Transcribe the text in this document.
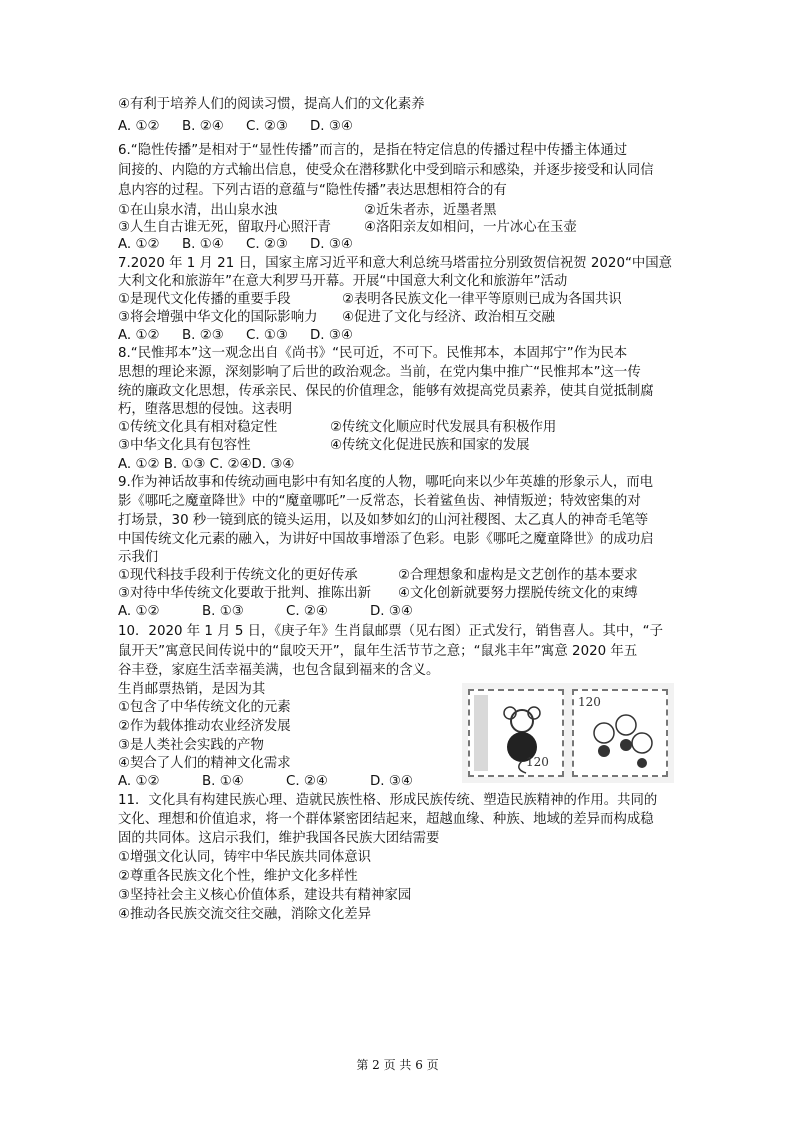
④有利于培养人们的阅读习惯，提高人们的文化素养
A. ①② B. ②④ C. ②③ D. ③④
6.“隐性传播”是相对于“显性传播”而言的，是指在特定信息的传播过程中传播主体通过
间接的、内隐的方式输出信息，使受众在潜移默化中受到暗示和感染，并逐步接受和认同信
息内容的过程。下列古语的意蕴与“隐性传播”表达思想相符合的有
①在山泉水清，出山泉水浊	②近朱者赤，近墨者黑
③人生自古谁无死，留取丹心照汗青 ④洛阳亲友如相问，一片冰心在玉壶
A. ①② B. ①④ C. ②③ D. ③④
7.2020 年 1 月 21 日，国家主席习近平和意大利总统马塔雷拉分别致贺信祝贺 2020“中国意
大利文化和旅游年”在意大利罗马开幕。开展“中国意大利文化和旅游年”活动
①是现代文化传播的重要手段	②表明各民族文化一律平等原则已成为各国共识
③将会增强中华文化的国际影响力 ④促进了文化与经济、政治相互交融
A. ①② B. ②③ C. ①③ D. ③④
8.“民惟邦本”这一观念出自《尚书》“民可近，不可下。民惟邦本，本固邦宁”作为民本
思想的理论来源，深刻影响了后世的政治观念。当前，在党内集中推广“民惟邦本”这一传
统的廉政文化思想，传承亲民、保民的价值理念，能够有效提高党员素养，使其自觉抵制腐
朽，堕落思想的侵蚀。这表明
①传统文化具有相对稳定性	②传统文化顺应时代发展具有积极作用
③中华文化具有包容性	④传统文化促进民族和国家的发展
A. ①② B. ①③ C. ②④D. ③④
9.作为神话故事和传统动画电影中有知名度的人物，哪吒向来以少年英雄的形象示人，而电
影《哪吒之魔童降世》中的“魔童哪吒”一反常态，长着鲨鱼齿、神情叛逆；特效密集的对
打场景，30 秒一镜到底的镜头运用，以及如梦如幻的山河社稷图、太乙真人的神奇毛笔等
中国传统文化元素的融入，为讲好中国故事增添了色彩。电影《哪吒之魔童降世》的成功启
示我们
①现代科技手段利于传统文化的更好传承	②合理想象和虚构是文艺创作的基本要求
③对待中华传统文化要敢于批判、推陈出新 ④文化创新就要努力摆脱传统文化的束缚
A. ①②	B. ①③	C. ②④	D. ③④
10．2020 年 1 月 5 日，《庚子年》生肖鼠邮票（见右图）正式发行，销售喜人。其中，“子
鼠开天”寓意民间传说中的“鼠咬天开”，鼠年生活节节之意；“鼠兆丰年”寓意 2020 年五
谷丰登，家庭生活幸福美满，也包含鼠到福来的含义。
生肖邮票热销，是因为其
①包含了中华传统文化的元素
②作为载体推动农业经济发展
③是人类社会实践的产物
④契合了人们的精神文化需求
A. ①②	B. ①④	C. ②④	D. ③④
120
120
11．文化具有构建民族心理、造就民族性格、形成民族传统、塑造民族精神的作用。共同的
文化、理想和价值追求，将一个群体紧密团结起来，超越血缘、种族、地域的差异而构成稳
固的共同体。这启示我们，维护我国各民族大团结需要
①增强文化认同，铸牢中华民族共同体意识
②尊重各民族文化个性，维护文化多样性
③坚持社会主义核心价值体系，建设共有精神家园
④推动各民族交流交往交融，消除文化差异
第 2 页 共 6 页
